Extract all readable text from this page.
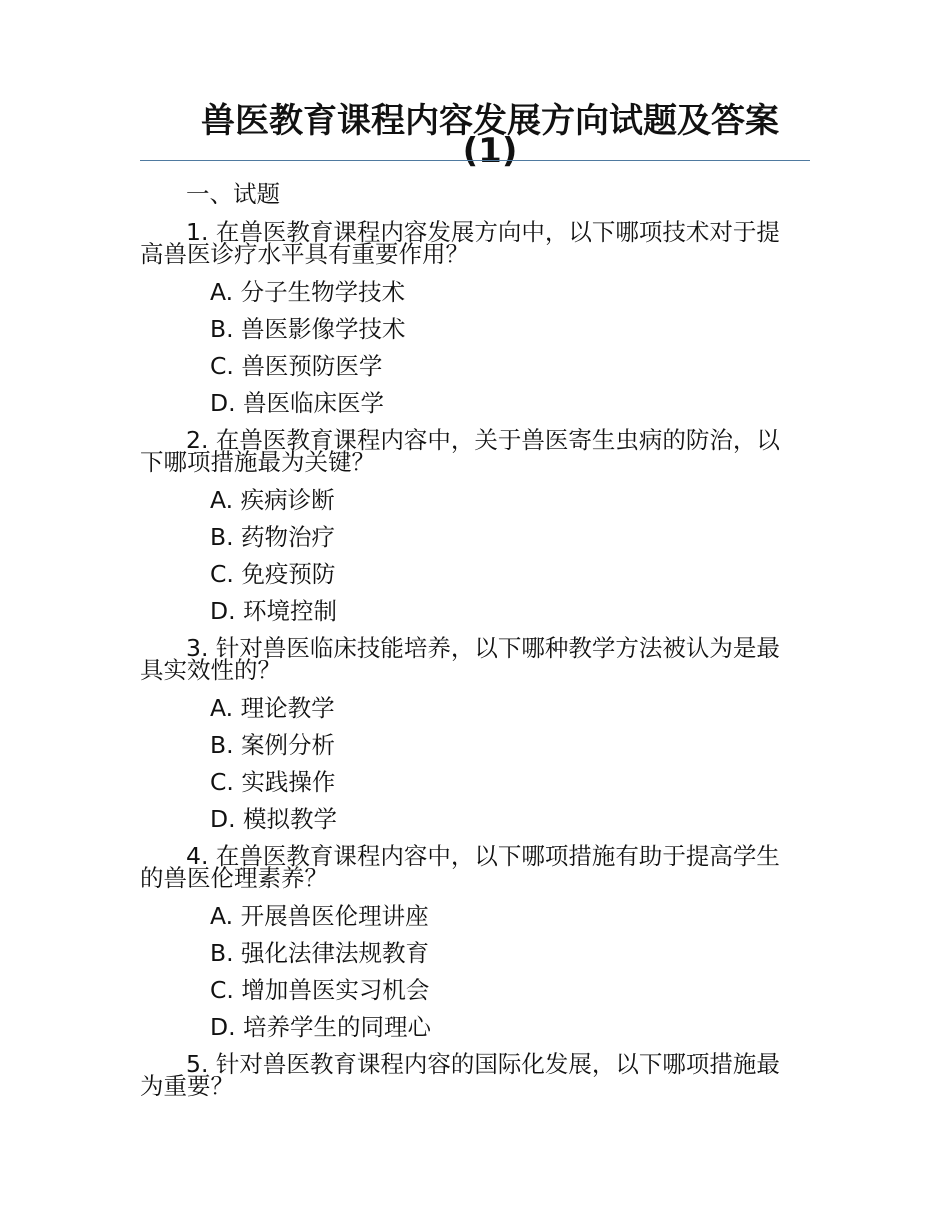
兽医教育课程内容发展方向试题及答案
(1)
一、试题
1. 在兽医教育课程内容发展方向中，以下哪项技术对于提
高兽医诊疗水平具有重要作用？
A. 分子生物学技术
B. 兽医影像学技术
C. 兽医预防医学
D. 兽医临床医学
2. 在兽医教育课程内容中，关于兽医寄生虫病的防治，以
下哪项措施最为关键？
A. 疾病诊断
B. 药物治疗
C. 免疫预防
D. 环境控制
3. 针对兽医临床技能培养，以下哪种教学方法被认为是最
具实效性的？
A. 理论教学
B. 案例分析
C. 实践操作
D. 模拟教学
4. 在兽医教育课程内容中，以下哪项措施有助于提高学生
的兽医伦理素养？
A. 开展兽医伦理讲座
B. 强化法律法规教育
C. 增加兽医实习机会
D. 培养学生的同理心
5. 针对兽医教育课程内容的国际化发展，以下哪项措施最
为重要？
